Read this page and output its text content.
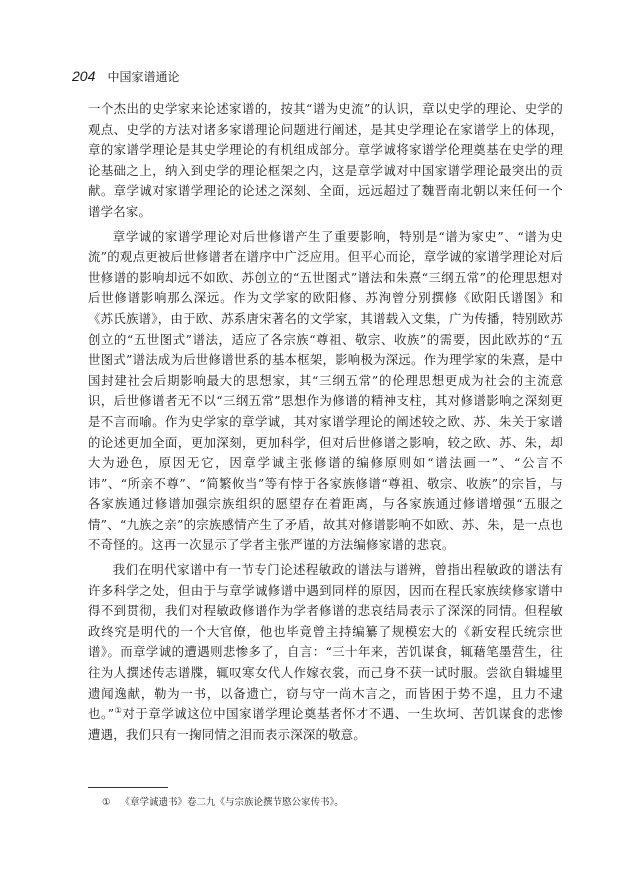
204 中国家谱通论

一个杰出的史学家来论述家谱的，按其“谱为史流”的认识，章以史学的理论、史学的观点、史学的方法对诸多家谱理论问题进行阐述，是其史学理论在家谱学上的体现，章的家谱学理论是其史学理论的有机组成部分。章学诚将家谱学伦理奠基在史学的理论基础之上，纳入到史学的理论框架之内，这是章学诚对中国家谱学理论最突出的贡献。章学诚对家谱学理论的论述之深刻、全面，远远超过了魏晋南北朝以来任何一个谱学名家。

章学诚的家谱学理论对后世修谱产生了重要影响，特别是“谱为家史”、“谱为史流”的观点更被后世修谱者在谱序中广泛应用。但平心而论，章学诚的家谱学理论对后世修谱的影响却远不如欧、苏创立的“五世图式”谱法和朱熹“三纲五常”的伦理思想对后世修谱影响那么深远。作为文学家的欧阳修、苏洵曾分别撰修《欧阳氏谱图》和《苏氏族谱》，由于欧、苏系唐宋著名的文学家，其谱载入文集，广为传播，特别欧苏创立的“五世图式”谱法，适应了各宗族“尊祖、敬宗、收族”的需要，因此欧苏的“五世图式”谱法成为后世修谱世系的基本框架，影响极为深远。作为理学家的朱熹，是中国封建社会后期影响最大的思想家，其“三纲五常”的伦理思想更成为社会的主流意识，后世修谱者无不以“三纲五常”思想作为修谱的精神支柱，其对修谱影响之深刻更是不言而喻。作为史学家的章学诚，其对家谱学理论的阐述较之欧、苏、朱关于家谱的论述更加全面，更加深刻，更加科学，但对后世修谱之影响，较之欧、苏、朱，却大为逊色，原因无它，因章学诚主张修谱的编修原则如“谱法画一”、“公言不讳”、“所亲不尊”、“简繁攸当”等有悖于各家族修谱“尊祖、敬宗、收族”的宗旨，与各家族通过修谱加强宗族组织的愿望存在着距离，与各家族通过修谱增强“五服之情”、“九族之亲”的宗族感情产生了矛盾，故其对修谱影响不如欧、苏、朱，是一点也不奇怪的。这再一次显示了学者主张严谨的方法编修家谱的悲哀。

我们在明代家谱中有一节专门论述程敏政的谱法与谱辨，曾指出程敏政的谱法有许多科学之处，但由于与章学诚修谱中遇到同样的原因，因而在程氏家族续修家谱中得不到贯彻，我们对程敏政修谱作为学者修谱的悲哀结局表示了深深的同情。但程敏政终究是明代的一个大官僚，他也毕竟曾主持编纂了规模宏大的《新安程氏统宗世谱》。而章学诚的遭遇则悲惨多了，自言：“三十年来，苦饥谋食，辄藉笔墨营生，往往为人撰述传志谱牒，辄叹寒女代人作嫁衣裳，而己身不获一试时服。尝欲自辑墟里遗闻逸献，勒为一书，以备遗亡，窃与守一尚木言之，而皆困于势不遑，且力不逮也。”①对于章学诚这位中国家谱学理论奠基者怀才不遇、一生坎坷、苦饥谋食的悲惨遭遇，我们只有一掬同情之泪而表示深深的敬意。

① 《章学诚遗书》卷二九《与宗族论撰节愍公家传书》。
